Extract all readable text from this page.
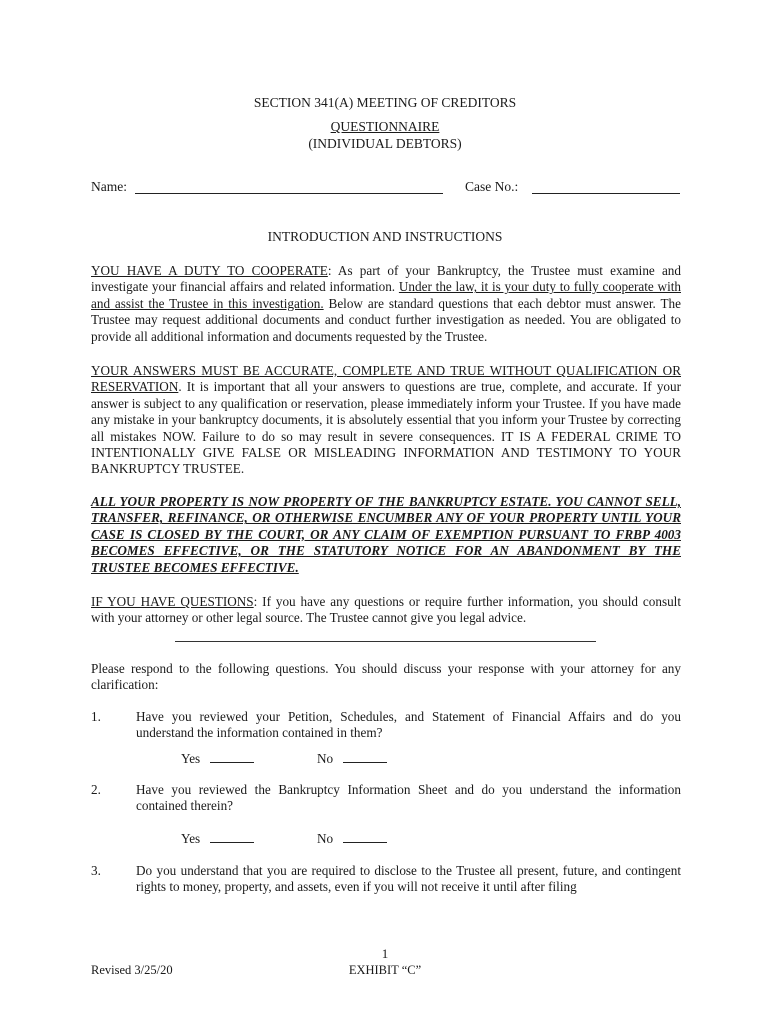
SECTION 341(A) MEETING OF CREDITORS
QUESTIONNAIRE
(INDIVIDUAL DEBTORS)
Name:	Case No.:
INTRODUCTION AND INSTRUCTIONS
YOU HAVE A DUTY TO COOPERATE: As part of your Bankruptcy, the Trustee must examine and investigate your financial affairs and related information. Under the law, it is your duty to fully cooperate with and assist the Trustee in this investigation. Below are standard questions that each debtor must answer. The Trustee may request additional documents and conduct further investigation as needed. You are obligated to provide all additional information and documents requested by the Trustee.
YOUR ANSWERS MUST BE ACCURATE, COMPLETE AND TRUE WITHOUT QUALIFICATION OR RESERVATION. It is important that all your answers to questions are true, complete, and accurate. If your answer is subject to any qualification or reservation, please immediately inform your Trustee. If you have made any mistake in your bankruptcy documents, it is absolutely essential that you inform your Trustee by correcting all mistakes NOW. Failure to do so may result in severe consequences. IT IS A FEDERAL CRIME TO INTENTIONALLY GIVE FALSE OR MISLEADING INFORMATION AND TESTIMONY TO YOUR BANKRUPTCY TRUSTEE.
ALL YOUR PROPERTY IS NOW PROPERTY OF THE BANKRUPTCY ESTATE. YOU CANNOT SELL, TRANSFER, REFINANCE, OR OTHERWISE ENCUMBER ANY OF YOUR PROPERTY UNTIL YOUR CASE IS CLOSED BY THE COURT, OR ANY CLAIM OF EXEMPTION PURSUANT TO FRBP 4003 BECOMES EFFECTIVE, OR THE STATUTORY NOTICE FOR AN ABANDONMENT BY THE TRUSTEE BECOMES EFFECTIVE.
IF YOU HAVE QUESTIONS: If you have any questions or require further information, you should consult with your attorney or other legal source. The Trustee cannot give you legal advice.
Please respond to the following questions. You should discuss your response with your attorney for any clarification:
1.	Have you reviewed your Petition, Schedules, and Statement of Financial Affairs and do you understand the information contained in them?
Yes	No
2.	Have you reviewed the Bankruptcy Information Sheet and do you understand the information contained therein?
Yes	No
3.	Do you understand that you are required to disclose to the Trustee all present, future, and contingent rights to money, property, and assets, even if you will not receive it until after filing
1
Revised 3/25/20	EXHIBIT “C”
